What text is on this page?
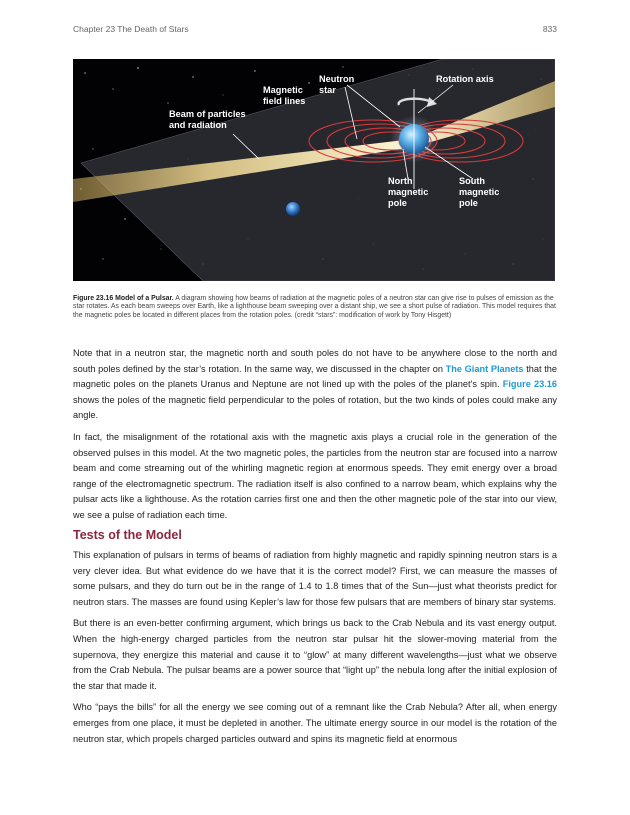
Chapter 23 The Death of Stars	833
Beam of particles
and radiation
Magnetic
field lines
Neutron
star
Rotation axis
North
magnetic
pole
South
magnetic
pole
Figure 23.16 Model of a Pulsar. A diagram showing how beams of radiation at the magnetic poles of a neutron star can give rise to pulses of emission as the star rotates. As each beam sweeps over Earth, like a lighthouse beam sweeping over a distant ship, we see a short pulse of radiation. This model requires that the magnetic poles be located in different places from the rotation poles. (credit “stars”: modification of work by Tony Hisgett)

Note that in a neutron star, the magnetic north and south poles do not have to be anywhere close to the north and south poles defined by the star’s rotation. In the same way, we discussed in the chapter on The Giant Planets that the magnetic poles on the planets Uranus and Neptune are not lined up with the poles of the planet’s spin. Figure 23.16 shows the poles of the magnetic field perpendicular to the poles of rotation, but the two kinds of poles could make any angle.

In fact, the misalignment of the rotational axis with the magnetic axis plays a crucial role in the generation of the observed pulses in this model. At the two magnetic poles, the particles from the neutron star are focused into a narrow beam and come streaming out of the whirling magnetic region at enormous speeds. They emit energy over a broad range of the electromagnetic spectrum. The radiation itself is also confined to a narrow beam, which explains why the pulsar acts like a lighthouse. As the rotation carries first one and then the other magnetic pole of the star into our view, we see a pulse of radiation each time.

Tests of the Model

This explanation of pulsars in terms of beams of radiation from highly magnetic and rapidly spinning neutron stars is a very clever idea. But what evidence do we have that it is the correct model? First, we can measure the masses of some pulsars, and they do turn out be in the range of 1.4 to 1.8 times that of the Sun—just what theorists predict for neutron stars. The masses are found using Kepler’s law for those few pulsars that are members of binary star systems.

But there is an even-better confirming argument, which brings us back to the Crab Nebula and its vast energy output. When the high-energy charged particles from the neutron star pulsar hit the slower-moving material from the supernova, they energize this material and cause it to “glow” at many different wavelengths—just what we observe from the Crab Nebula. The pulsar beams are a power source that “light up” the nebula long after the initial explosion of the star that made it.

Who “pays the bills” for all the energy we see coming out of a remnant like the Crab Nebula? After all, when energy emerges from one place, it must be depleted in another. The ultimate energy source in our model is the rotation of the neutron star, which propels charged particles outward and spins its magnetic field at enormous
